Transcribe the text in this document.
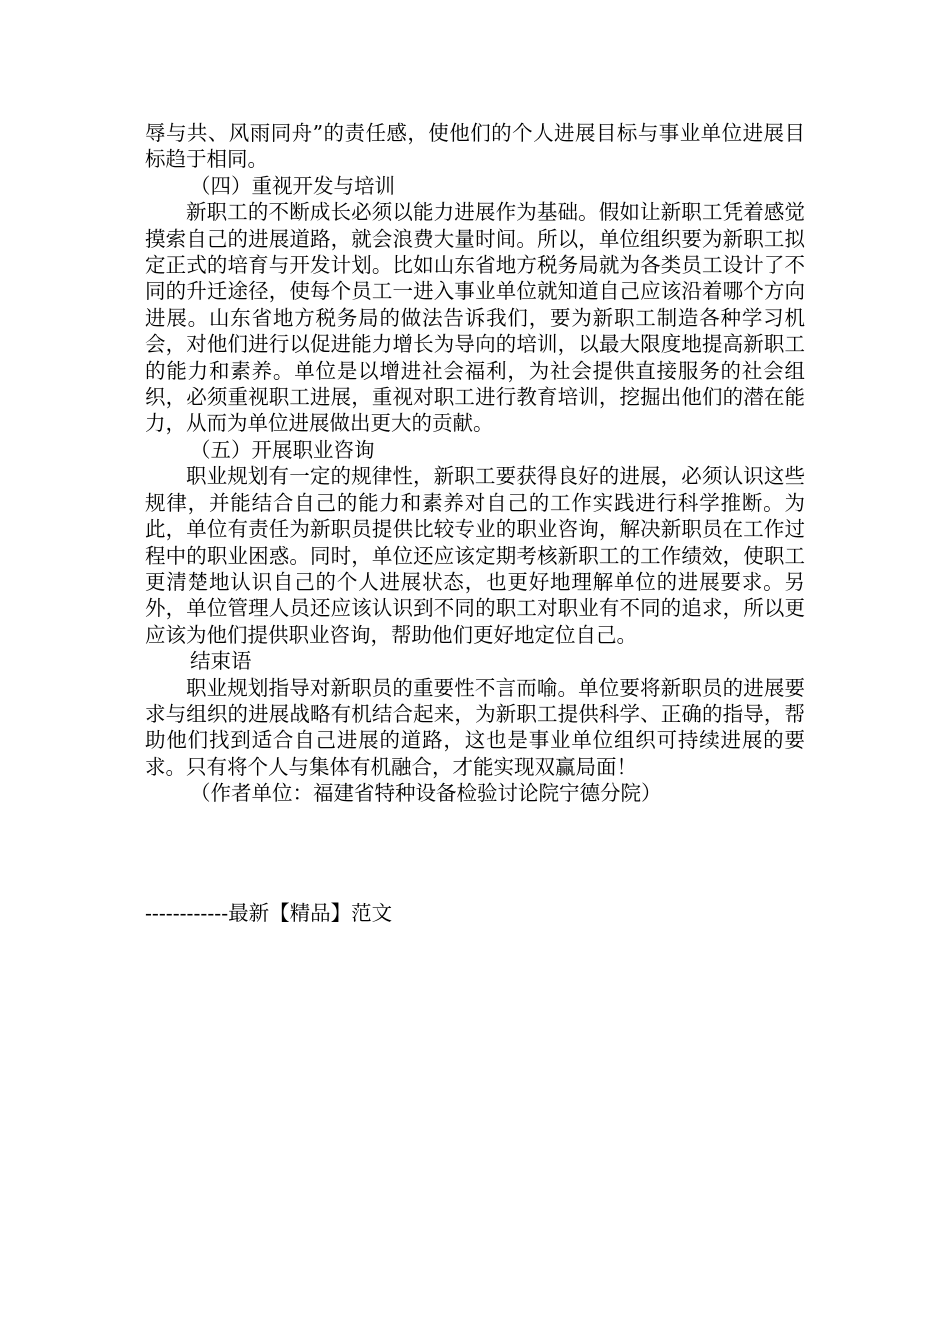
辱与共、风雨同舟”的责任感，使他们的个人进展目标与事业单位进展目标趋于相同。

（四）重视开发与培训

新职工的不断成长必须以能力进展作为基础。假如让新职工凭着感觉摸索自己的进展道路，就会浪费大量时间。所以，单位组织要为新职工拟定正式的培育与开发计划。比如山东省地方税务局就为各类员工设计了不同的升迁途径，使每个员工一进入事业单位就知道自己应该沿着哪个方向进展。山东省地方税务局的做法告诉我们，要为新职工制造各种学习机会，对他们进行以促进能力增长为导向的培训，以最大限度地提高新职工的能力和素养。单位是以增进社会福利，为社会提供直接服务的社会组织，必须重视职工进展，重视对职工进行教育培训，挖掘出他们的潜在能力，从而为单位进展做出更大的贡献。

（五）开展职业咨询

职业规划有一定的规律性，新职工要获得良好的进展，必须认识这些规律，并能结合自己的能力和素养对自己的工作实践进行科学推断。为此，单位有责任为新职员提供比较专业的职业咨询，解决新职员在工作过程中的职业困惑。同时，单位还应该定期考核新职工的工作绩效，使职工更清楚地认识自己的个人进展状态，也更好地理解单位的进展要求。另外，单位管理人员还应该认识到不同的职工对职业有不同的追求，所以更应该为他们提供职业咨询，帮助他们更好地定位自己。

结束语

职业规划指导对新职员的重要性不言而喻。单位要将新职员的进展要求与组织的进展战略有机结合起来，为新职工提供科学、正确的指导，帮助他们找到适合自己进展的道路，这也是事业单位组织可持续进展的要求。只有将个人与集体有机融合，才能实现双赢局面！

（作者单位：福建省特种设备检验讨论院宁德分院）

------------最新【精品】范文
